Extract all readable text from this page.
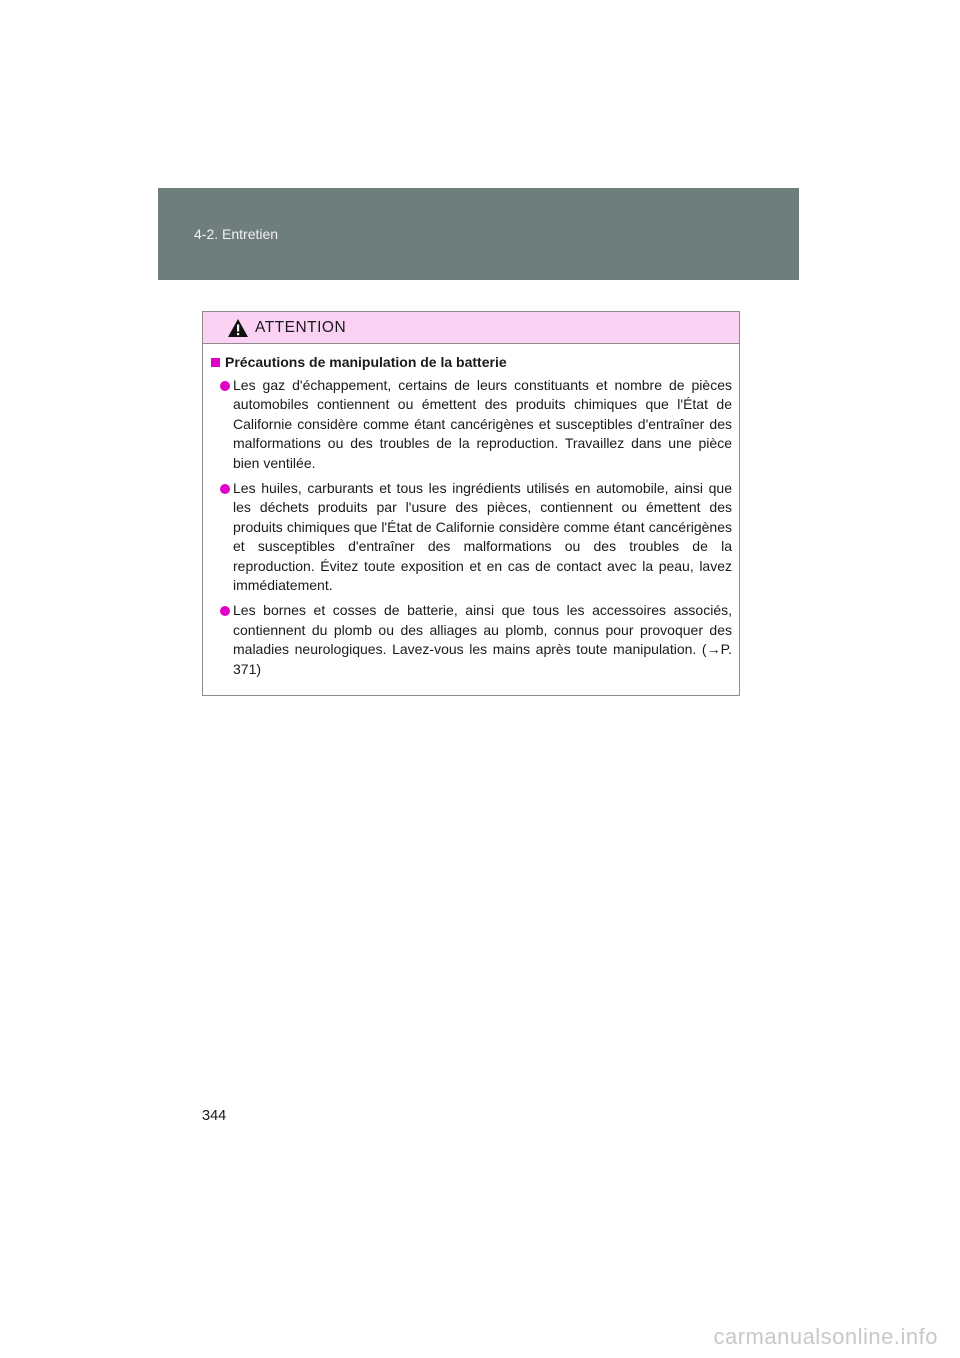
4-2. Entretien
ATTENTION
Précautions de manipulation de la batterie
Les gaz d'échappement, certains de leurs constituants et nombre de pièces automobiles contiennent ou émettent des produits chimiques que l'État de Californie considère comme étant cancérigènes et susceptibles d'entraîner des malformations ou des troubles de la reproduction. Travaillez dans une pièce bien ventilée.
Les huiles, carburants et tous les ingrédients utilisés en automobile, ainsi que les déchets produits par l'usure des pièces, contiennent ou émettent des produits chimiques que l'État de Californie considère comme étant cancérigènes et susceptibles d'entraîner des malformations ou des troubles de la reproduction. Évitez toute exposition et en cas de contact avec la peau, lavez immédiatement.
Les bornes et cosses de batterie, ainsi que tous les accessoires associés, contiennent du plomb ou des alliages au plomb, connus pour provoquer des maladies neurologiques. Lavez-vous les mains après toute manipulation. (→P. 371)
344
carmanualsonline.info
